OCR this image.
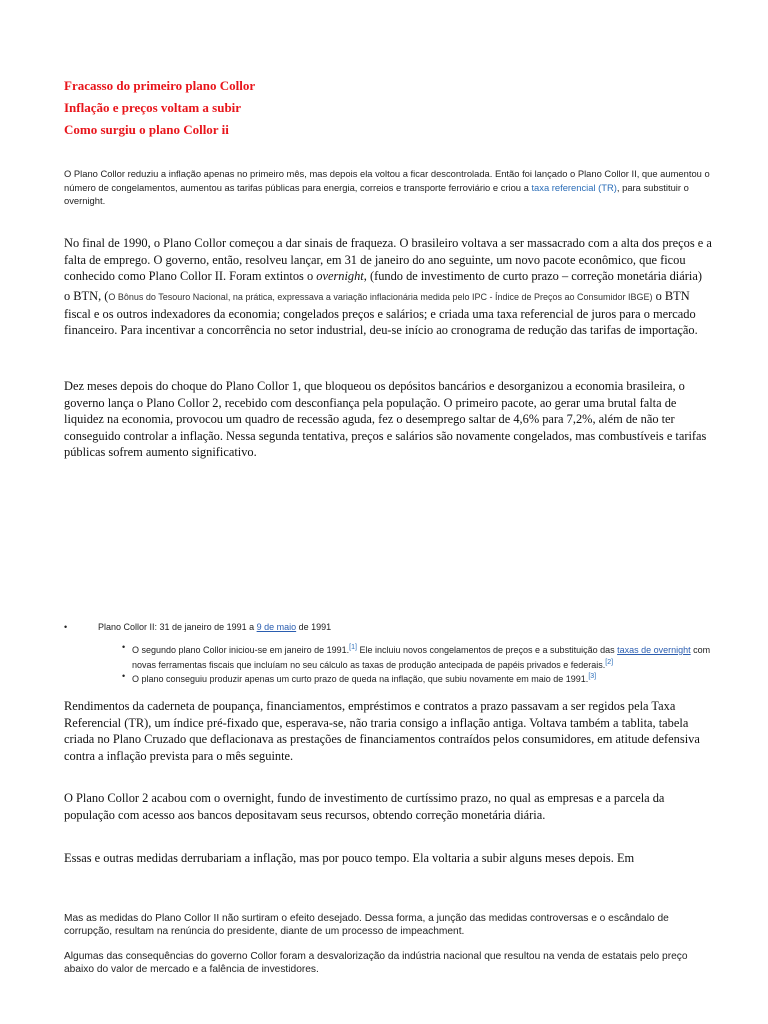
Fracasso do primeiro plano Collor
Inflação e preços voltam a subir
Como surgiu o plano Collor ii

O Plano Collor reduziu a inflação apenas no primeiro mês, mas depois ela voltou a ficar descontrolada. Então foi lançado o Plano Collor II, que aumentou o número de congelamentos, aumentou as tarifas públicas para energia, correios e transporte ferroviário e criou a taxa referencial (TR), para substituir o overnight.

No final de 1990, o Plano Collor começou a dar sinais de fraqueza. O brasileiro voltava a ser massacrado com a alta dos preços e a falta de emprego. O governo, então, resolveu lançar, em 31 de janeiro do ano seguinte, um novo pacote econômico, que ficou conhecido como Plano Collor II. Foram extintos o overnight, (fundo de investimento de curto prazo – correção monetária diária)

o BTN, (O Bônus do Tesouro Nacional, na prática, expressava a variação inflacionária medida pelo IPC - Índice de Preços ao Consumidor IBGE) o BTN fiscal e os outros indexadores da economia; congelados preços e salários; e criada uma taxa referencial de juros para o mercado financeiro. Para incentivar a concorrência no setor industrial, deu-se início ao cronograma de redução das tarifas de importação.

Dez meses depois do choque do Plano Collor 1, que bloqueou os depósitos bancários e desorganizou a economia brasileira, o governo lança o Plano Collor 2, recebido com desconfiança pela população. O primeiro pacote, ao gerar uma brutal falta de liquidez na economia, provocou um quadro de recessão aguda, fez o desemprego saltar de 4,6% para 7,2%, além de não ter conseguido controlar a inflação. Nessa segunda tentativa, preços e salários são novamente congelados, mas combustíveis e tarifas públicas sofrem aumento significativo.

• Plano Collor II: 31 de janeiro de 1991 a 9 de maio de 1991
• O segundo plano Collor iniciou-se em janeiro de 1991.[1] Ele incluiu novos congelamentos de preços e a substituição das taxas de overnight com novas ferramentas fiscais que incluíam no seu cálculo as taxas de produção antecipada de papéis privados e federais.[2]
• O plano conseguiu produzir apenas um curto prazo de queda na inflação, que subiu novamente em maio de 1991.[3]

Rendimentos da caderneta de poupança, financiamentos, empréstimos e contratos a prazo passavam a ser regidos pela Taxa Referencial (TR), um índice pré-fixado que, esperava-se, não traria consigo a inflação antiga. Voltava também a tablita, tabela criada no Plano Cruzado que deflacionava as prestações de financiamentos contraídos pelos consumidores, em atitude defensiva contra a inflação prevista para o mês seguinte.

O Plano Collor 2 acabou com o overnight, fundo de investimento de curtíssimo prazo, no qual as empresas e a parcela da população com acesso aos bancos depositavam seus recursos, obtendo correção monetária diária.

Essas e outras medidas derrubariam a inflação, mas por pouco tempo. Ela voltaria a subir alguns meses depois. Em

Mas as medidas do Plano Collor II não surtiram o efeito desejado. Dessa forma, a junção das medidas controversas e o escândalo de corrupção, resultam na renúncia do presidente, diante de um processo de impeachment.

Algumas das consequências do governo Collor foram a desvalorização da indústria nacional que resultou na venda de estatais pelo preço abaixo do valor de mercado e a falência de investidores.
